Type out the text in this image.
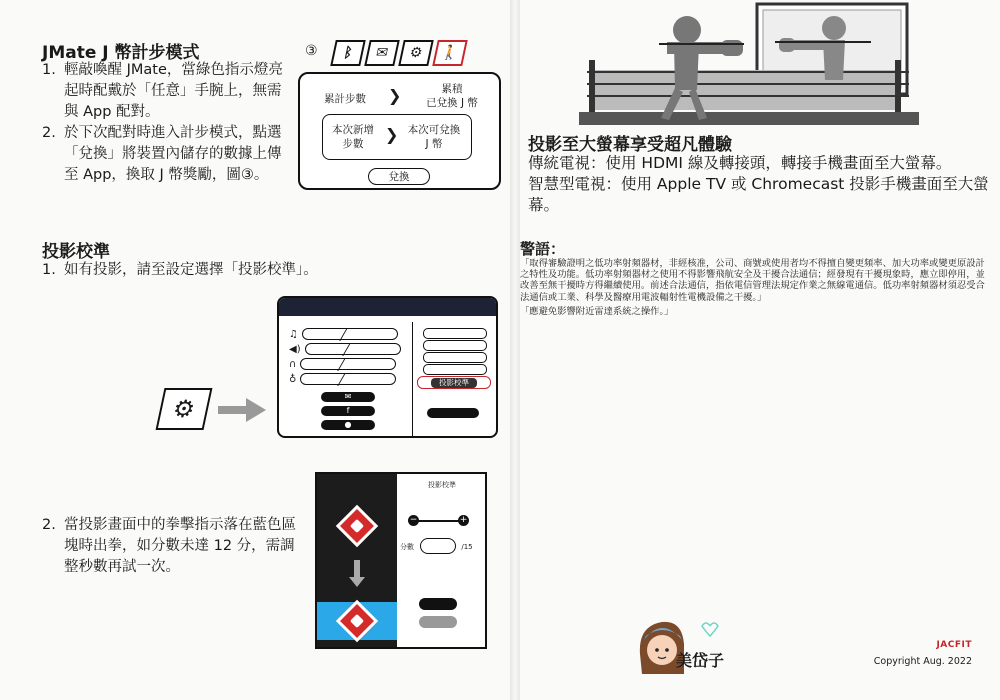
JMate J 幣計步模式
1. 輕敲喚醒 JMate，當綠色指示燈亮起時配戴於「任意」手腕上，無需與 App 配對。
2. 於下次配對時進入計步模式，點選「兌換」將裝置內儲存的數據上傳至 App，換取 J 幣獎勵，圖③。
③	ᛒ	✉	⚙	🚶
累計步數	❯	累積
已兌換 J 幣
本次新增
步數	❯ 本次可兌換
J 幣
兌換
投影校準
1. 如有投影，請至設定選擇「投影校準」。
⚙
♫
◀)
∩
♁
✉
f
●
投影校準
2. 當投影畫面中的拳擊指示落在藍色區塊時出拳，如分數未達 12 分，需調整秒數再試一次。
投影校準
−	+
分數	/15
投影至大螢幕享受超凡體驗
傳統電視：使用 HDMI 線及轉接頭，轉接手機畫面至大螢幕。
智慧型電視：使用 Apple TV 或 Chromecast 投影手機畫面至大螢幕。
警語：
「取得審驗證明之低功率射頻器材，非經核准，公司、商號或使用者均不得擅自變更頻率、加大功率或變更原設計之特性及功能。低功率射頻器材之使用不得影響飛航安全及干擾合法通信；經發現有干擾現象時，應立即停用，並改善至無干擾時方得繼續使用。前述合法通信，指依電信管理法規定作業之無線電通信。低功率射頻器材須忍受合法通信或工業、科學及醫療用電波輻射性電機設備之干擾。」
「應避免影響附近雷達系統之操作。」
美岱子
JACFIT
Copyright Aug. 2022
